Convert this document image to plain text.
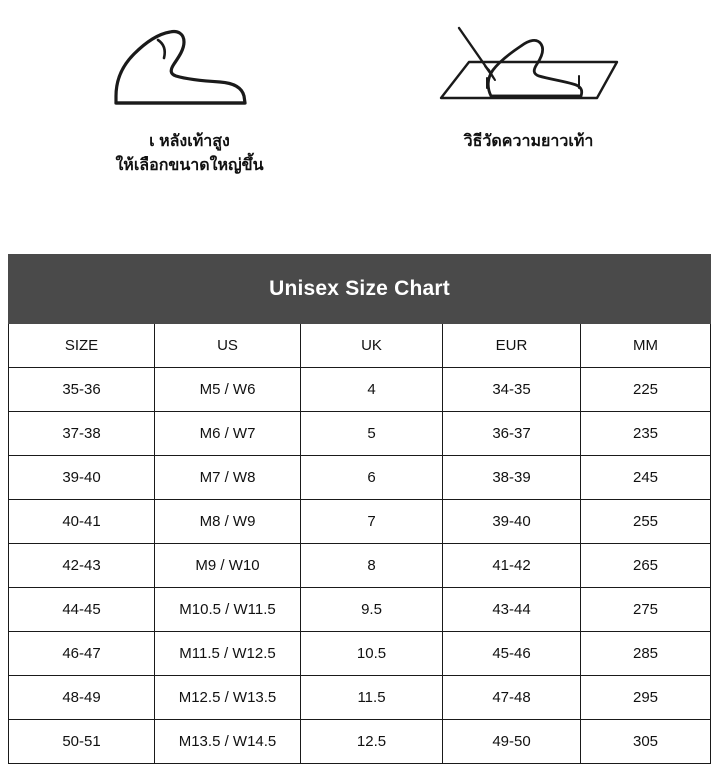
เ หลังเท้าสูง
ให้เลือกขนาดใหญ่ขึ้น
วิธีวัดความยาวเท้า
Unisex Size Chart				
SIZE	US	UK	EUR	MM
35-36	M5 / W6	4	34-35	225
37-38	M6 / W7	5	36-37	235
39-40	M7 / W8	6	38-39	245
40-41	M8 / W9	7	39-40	255
42-43	M9 / W10	8	41-42	265
44-45	M10.5 / W11.5	9.5	43-44	275
46-47	M11.5 / W12.5	10.5	45-46	285
48-49	M12.5 / W13.5	11.5	47-48	295
50-51	M13.5 / W14.5	12.5	49-50	305
